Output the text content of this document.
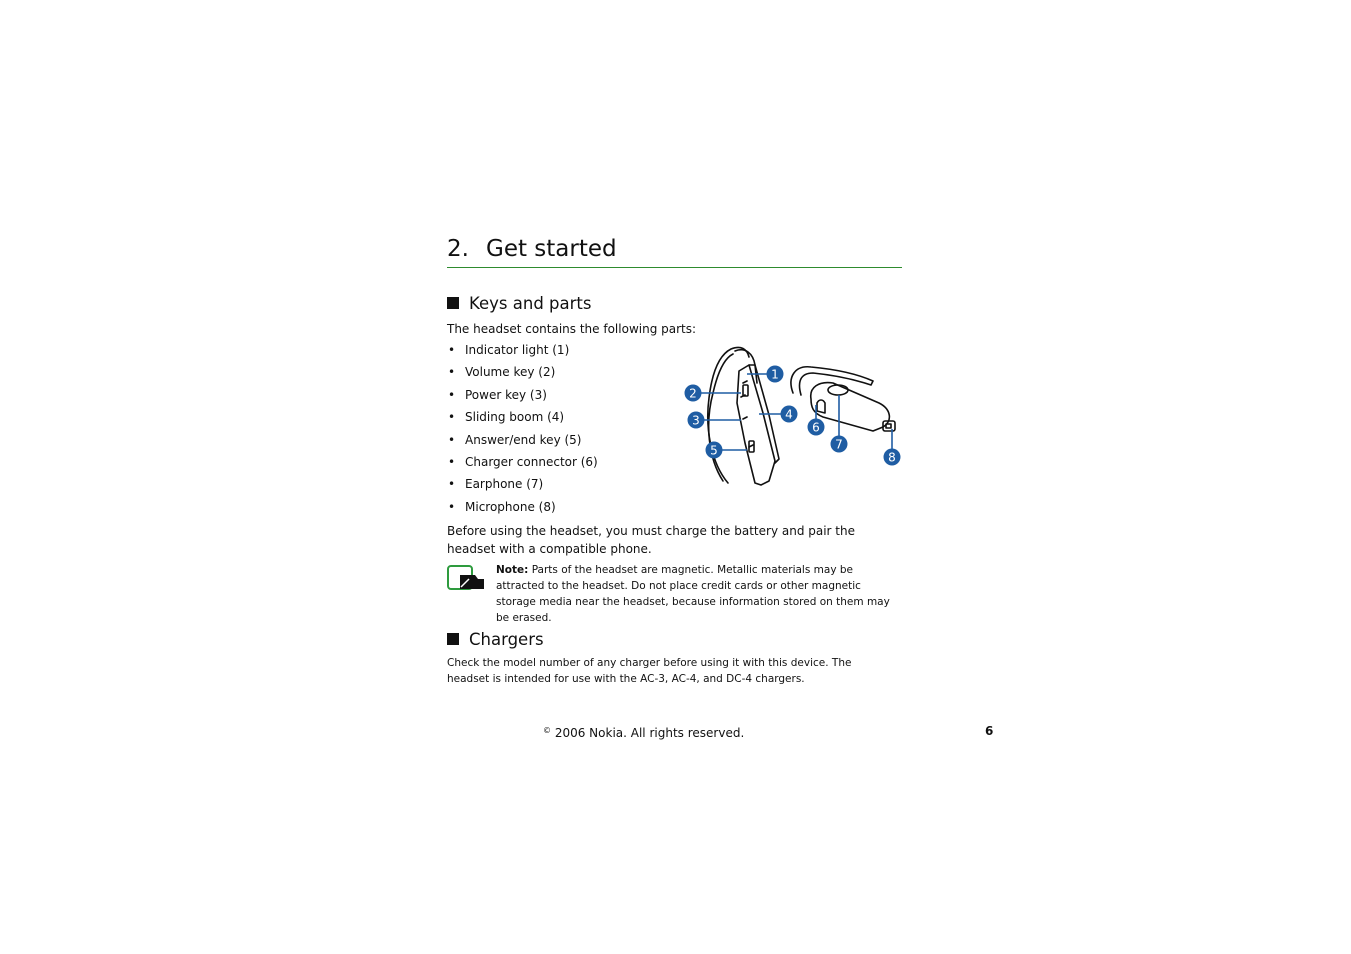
2. Get started
Keys and parts
The headset contains the following parts:
• Indicator light (1)
• Volume key (2)
• Power key (3)
• Sliding boom (4)
• Answer/end key (5)
• Charger connector (6)
• Earphone (7)
• Microphone (8)
1
2
3	4
5
6
7
8
Before using the headset, you must charge the battery and pair the headset with a compatible phone.
Note: Parts of the headset are magnetic. Metallic materials may be attracted to the headset. Do not place credit cards or other magnetic storage media near the headset, because information stored on them may be erased.
Chargers
Check the model number of any charger before using it with this device. The headset is intended for use with the AC-3, AC-4, and DC-4 chargers.
© 2006 Nokia. All rights reserved.	6
